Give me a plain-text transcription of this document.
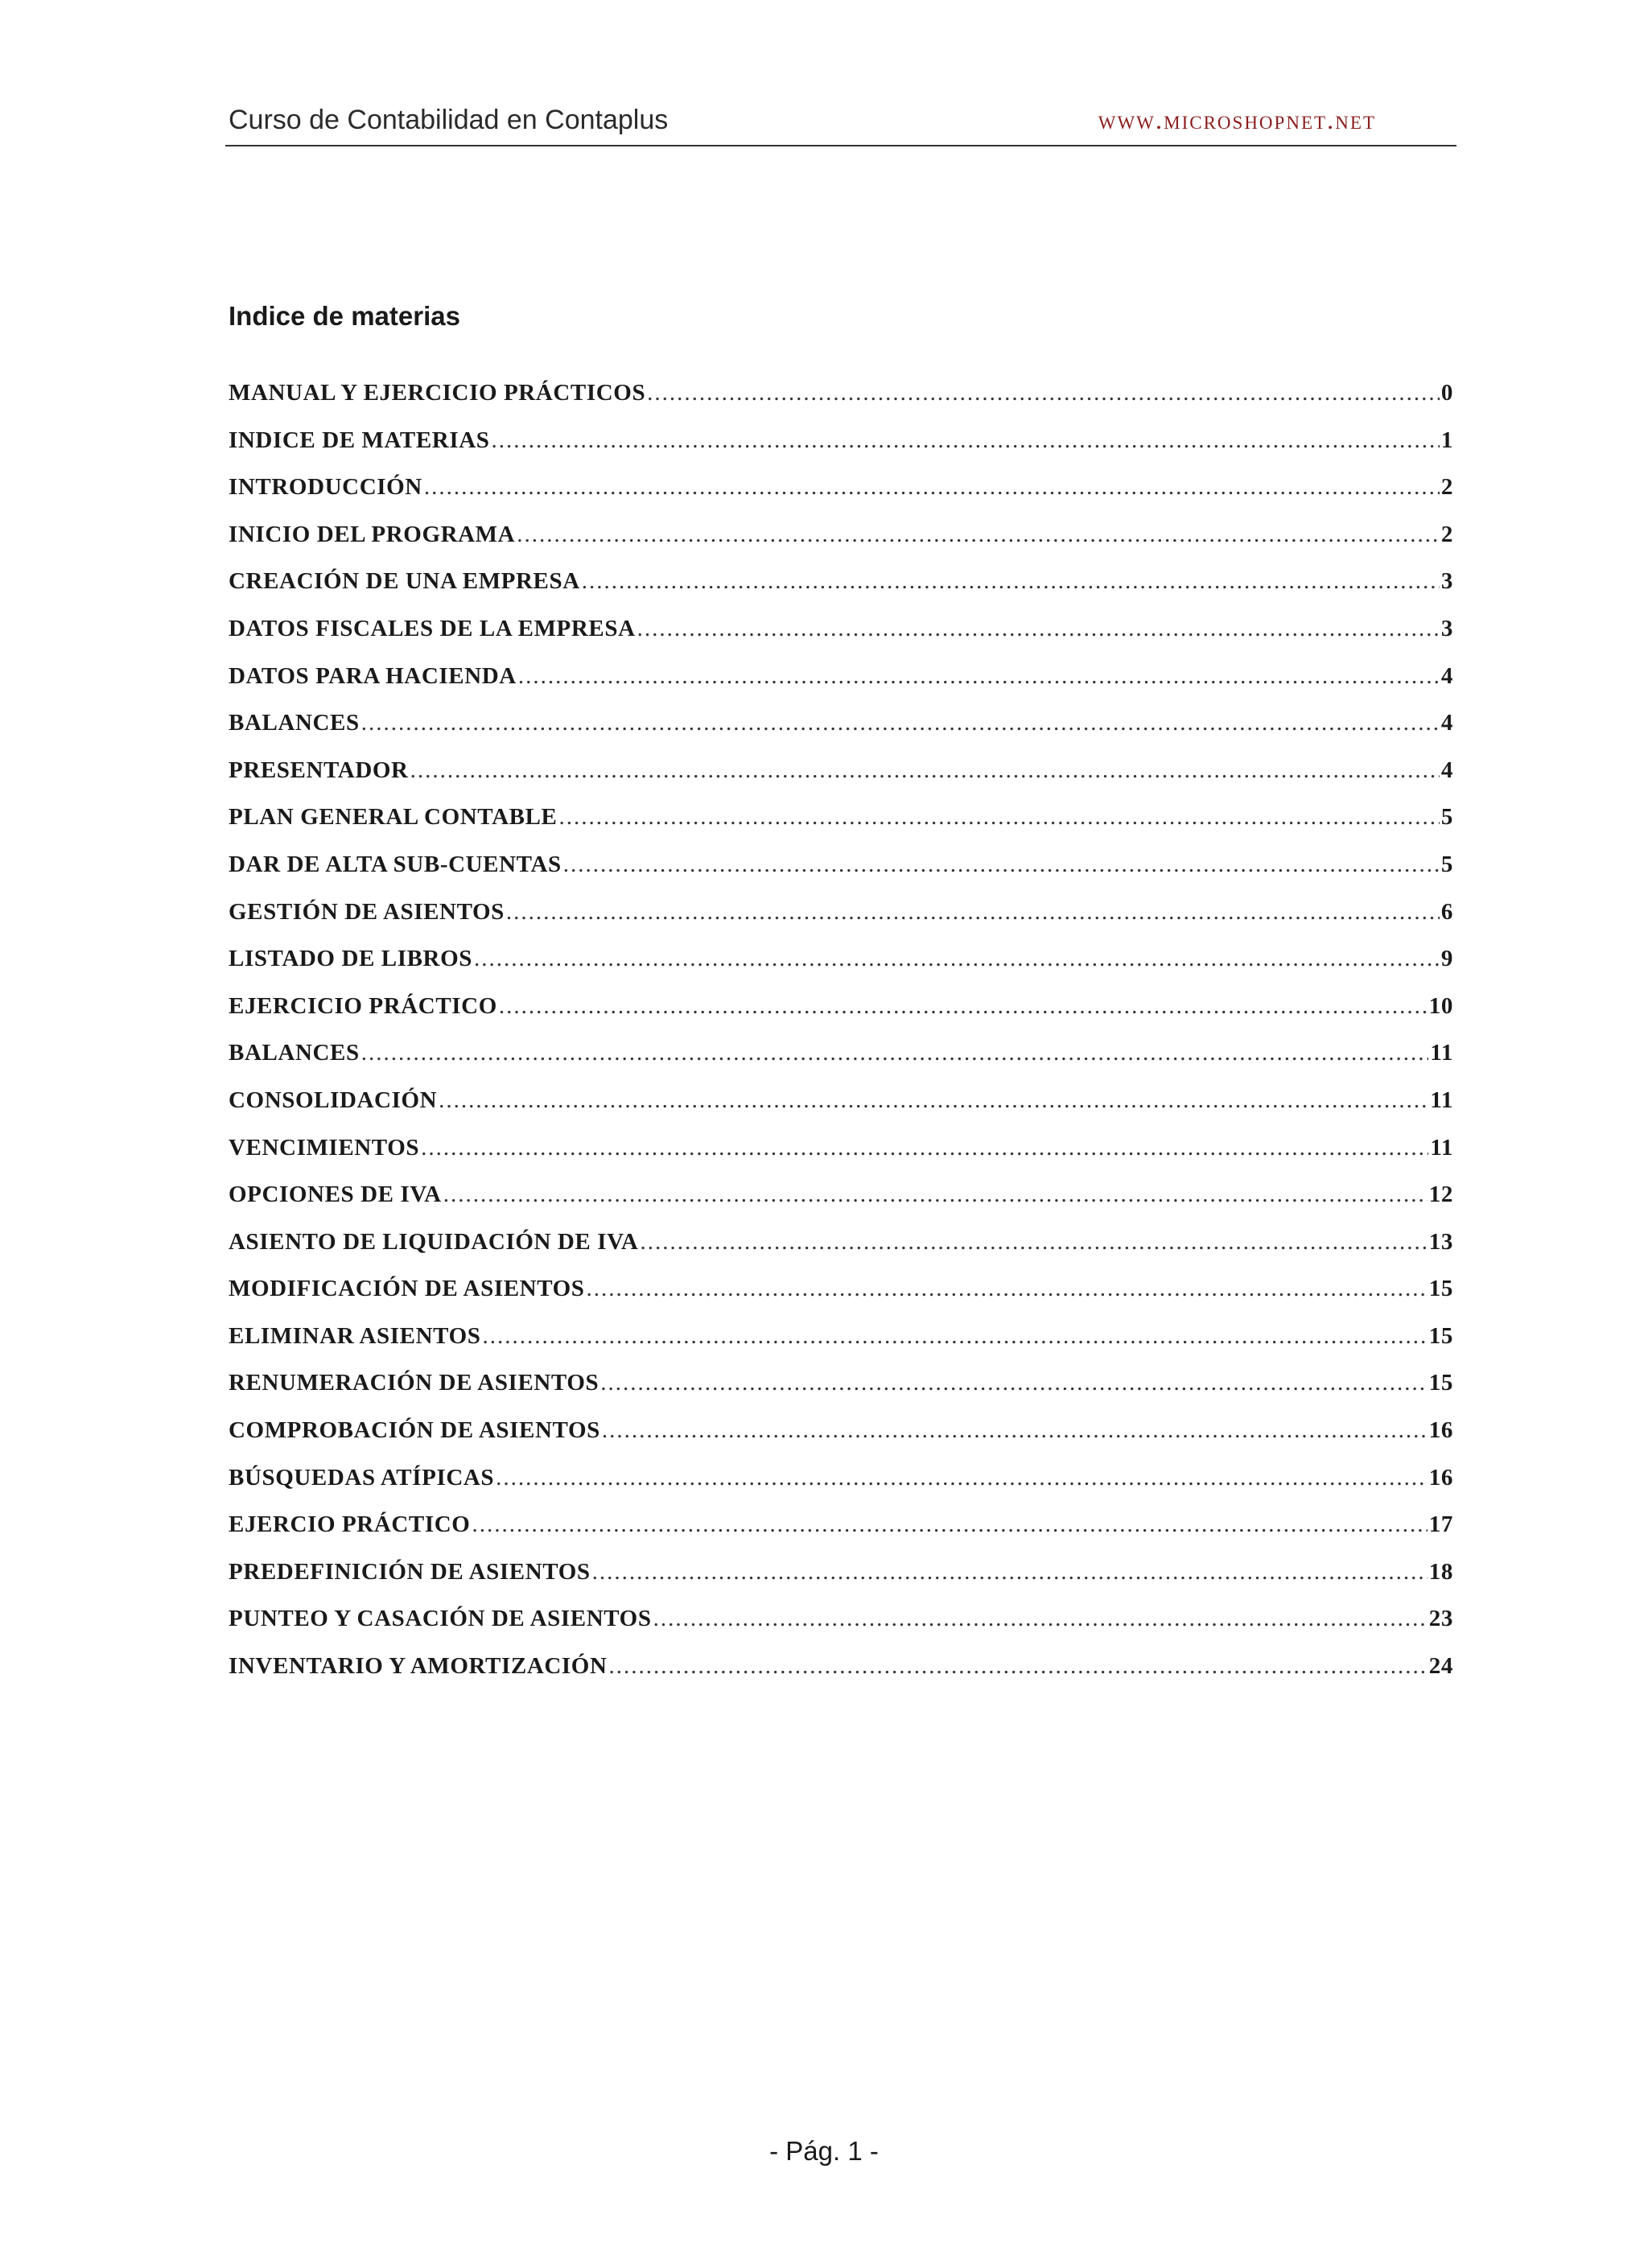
Curso de Contabilidad en Contaplus	www.microshopnet.net
Indice de materias
MANUAL Y EJERCICIO PRÁCTICOS .....	0
INDICE DE MATERIAS .....	1
INTRODUCCIÓN .....	2
INICIO DEL PROGRAMA .....	2
CREACIÓN DE UNA EMPRESA .....	3
DATOS FISCALES DE LA EMPRESA .....	3
DATOS PARA HACIENDA .....	4
BALANCES .....	4
PRESENTADOR .....	4
PLAN GENERAL CONTABLE .....	5
DAR DE ALTA SUB-CUENTAS .....	5
GESTIÓN DE ASIENTOS .....	6
LISTADO DE LIBROS .....	9
EJERCICIO PRÁCTICO .....	10
BALANCES .....	11
CONSOLIDACIÓN .....	11
VENCIMIENTOS .....	11
OPCIONES DE IVA .....	12
ASIENTO DE LIQUIDACIÓN DE IVA .....	13
MODIFICACIÓN DE ASIENTOS .....	15
ELIMINAR ASIENTOS .....	15
RENUMERACIÓN DE ASIENTOS .....	15
COMPROBACIÓN DE ASIENTOS .....	16
BÚSQUEDAS ATÍPICAS .....	16
EJERCIO PRÁCTICO .....	17
PREDEFINICIÓN DE ASIENTOS .....	18
PUNTEO Y CASACIÓN DE ASIENTOS .....	23
INVENTARIO Y AMORTIZACIÓN .....	24
- Pág. 1 -
